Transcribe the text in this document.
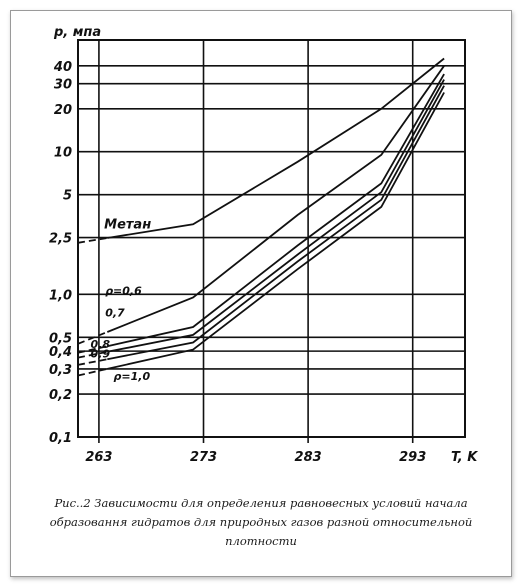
0,1
0,2
0,3
0,4
0,5
1,0
2,5
5
10
20
30
40
263	273	283	293
p, мпа
T, K
Метан
ρ=0,6
0,7
0,8
0,9
ρ=1,0
Рис..2 Зависимости для определения равновесных условий начала образовання гидратов для природных газов разной относительной плотности
